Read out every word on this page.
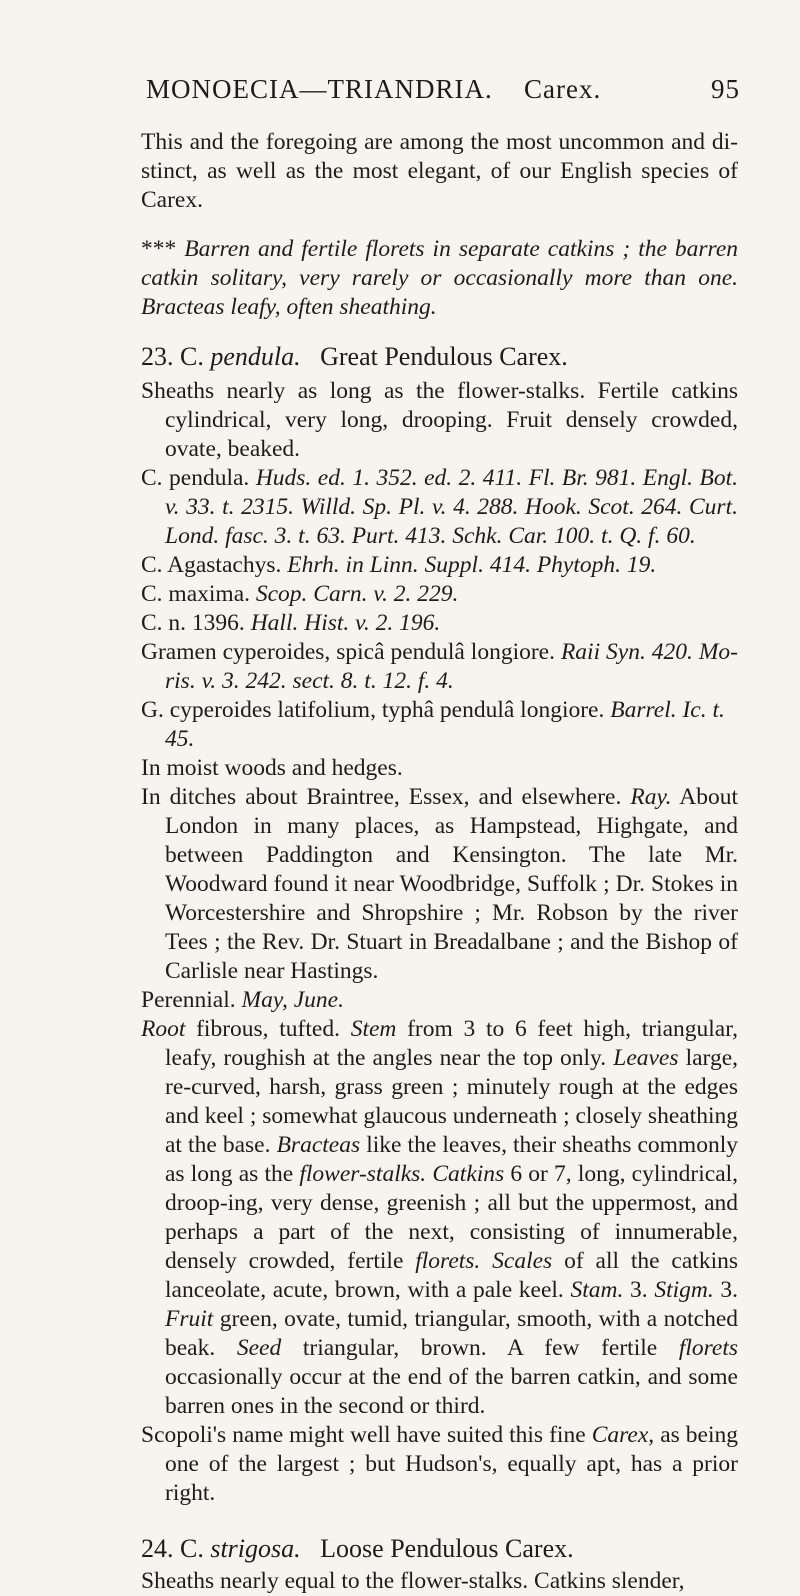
MONOECIA—TRIANDRIA. Carex.	95

This and the foregoing are among the most uncommon and di-stinct, as well as the most elegant, of our English species of Carex.

*** Barren and fertile florets in separate catkins ; the barren catkin solitary, very rarely or occasionally more than one. Bracteas leafy, often sheathing.

23. C. pendula. Great Pendulous Carex.

Sheaths nearly as long as the flower-stalks. Fertile catkins cylindrical, very long, drooping. Fruit densely crowded, ovate, beaked.

C. pendula. Huds. ed. 1. 352. ed. 2. 411. Fl. Br. 981. Engl. Bot. v. 33. t. 2315. Willd. Sp. Pl. v. 4. 288. Hook. Scot. 264. Curt. Lond. fasc. 3. t. 63. Purt. 413. Schk. Car. 100. t. Q. f. 60.

C. Agastachys. Ehrh. in Linn. Suppl. 414. Phytoph. 19.

C. maxima. Scop. Carn. v. 2. 229.

C. n. 1396. Hall. Hist. v. 2. 196.

Gramen cyperoides, spicâ pendulâ longiore. Raii Syn. 420. Mo-ris. v. 3. 242. sect. 8. t. 12. f. 4.

G. cyperoides latifolium, typhâ pendulâ longiore. Barrel. Ic. t. 45.

In moist woods and hedges.

In ditches about Braintree, Essex, and elsewhere. Ray. About London in many places, as Hampstead, Highgate, and between Paddington and Kensington. The late Mr. Woodward found it near Woodbridge, Suffolk ; Dr. Stokes in Worcestershire and Shropshire ; Mr. Robson by the river Tees ; the Rev. Dr. Stuart in Breadalbane ; and the Bishop of Carlisle near Hastings.

Perennial. May, June.

Root fibrous, tufted. Stem from 3 to 6 feet high, triangular, leafy, roughish at the angles near the top only. Leaves large, re-curved, harsh, grass green ; minutely rough at the edges and keel ; somewhat glaucous underneath ; closely sheathing at the base. Bracteas like the leaves, their sheaths commonly as long as the flower-stalks. Catkins 6 or 7, long, cylindrical, droop-ing, very dense, greenish ; all but the uppermost, and perhaps a part of the next, consisting of innumerable, densely crowded, fertile florets. Scales of all the catkins lanceolate, acute, brown, with a pale keel. Stam. 3. Stigm. 3. Fruit green, ovate, tumid, triangular, smooth, with a notched beak. Seed triangular, brown. A few fertile florets occasionally occur at the end of the barren catkin, and some barren ones in the second or third.

Scopoli's name might well have suited this fine Carex, as being one of the largest ; but Hudson's, equally apt, has a prior right.

24. C. strigosa. Loose Pendulous Carex.

Sheaths nearly equal to the flower-stalks. Catkins slender,
